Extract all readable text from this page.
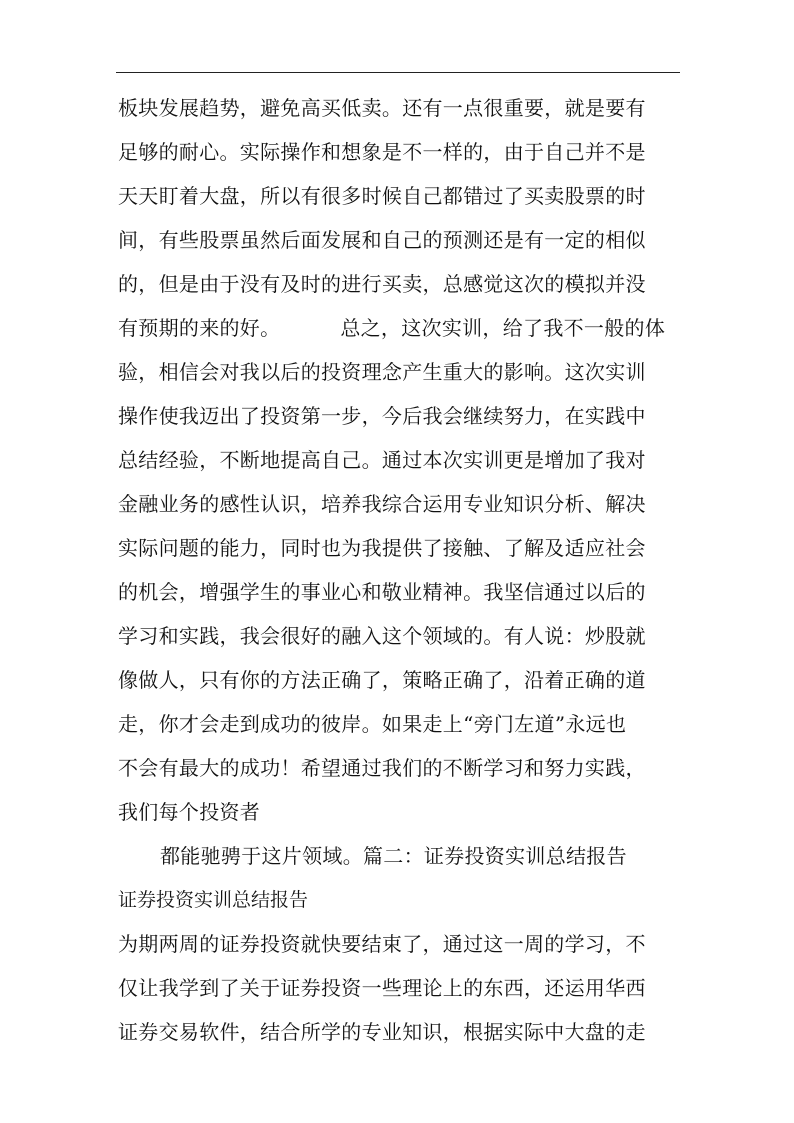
板块发展趋势，避免高买低卖。还有一点很重要，就是要有
足够的耐心。实际操作和想象是不一样的，由于自己并不是
天天盯着大盘，所以有很多时候自己都错过了买卖股票的时
间，有些股票虽然后面发展和自己的预测还是有一定的相似
的，但是由于没有及时的进行买卖，总感觉这次的模拟并没
有预期的来的好。         总之，这次实训，给了我不一般的体
验，相信会对我以后的投资理念产生重大的影响。这次实训
操作使我迈出了投资第一步，今后我会继续努力，在实践中
总结经验，不断地提高自己。通过本次实训更是增加了我对
金融业务的感性认识，培养我综合运用专业知识分析、解决
实际问题的能力，同时也为我提供了接触、了解及适应社会
的机会，增强学生的事业心和敬业精神。我坚信通过以后的
学习和实践，我会很好的融入这个领域的。有人说：炒股就
像做人，只有你的方法正确了，策略正确了，沿着正确的道
走，你才会走到成功的彼岸。如果走上“旁门左道”永远也
不会有最大的成功！希望通过我们的不断学习和努力实践，
我们每个投资者
都能驰骋于这片领域。篇二：证券投资实训总结报告
证券投资实训总结报告
为期两周的证券投资就快要结束了，通过这一周的学习，不
仅让我学到了关于证券投资一些理论上的东西，还运用华西
证券交易软件，结合所学的专业知识，根据实际中大盘的走
